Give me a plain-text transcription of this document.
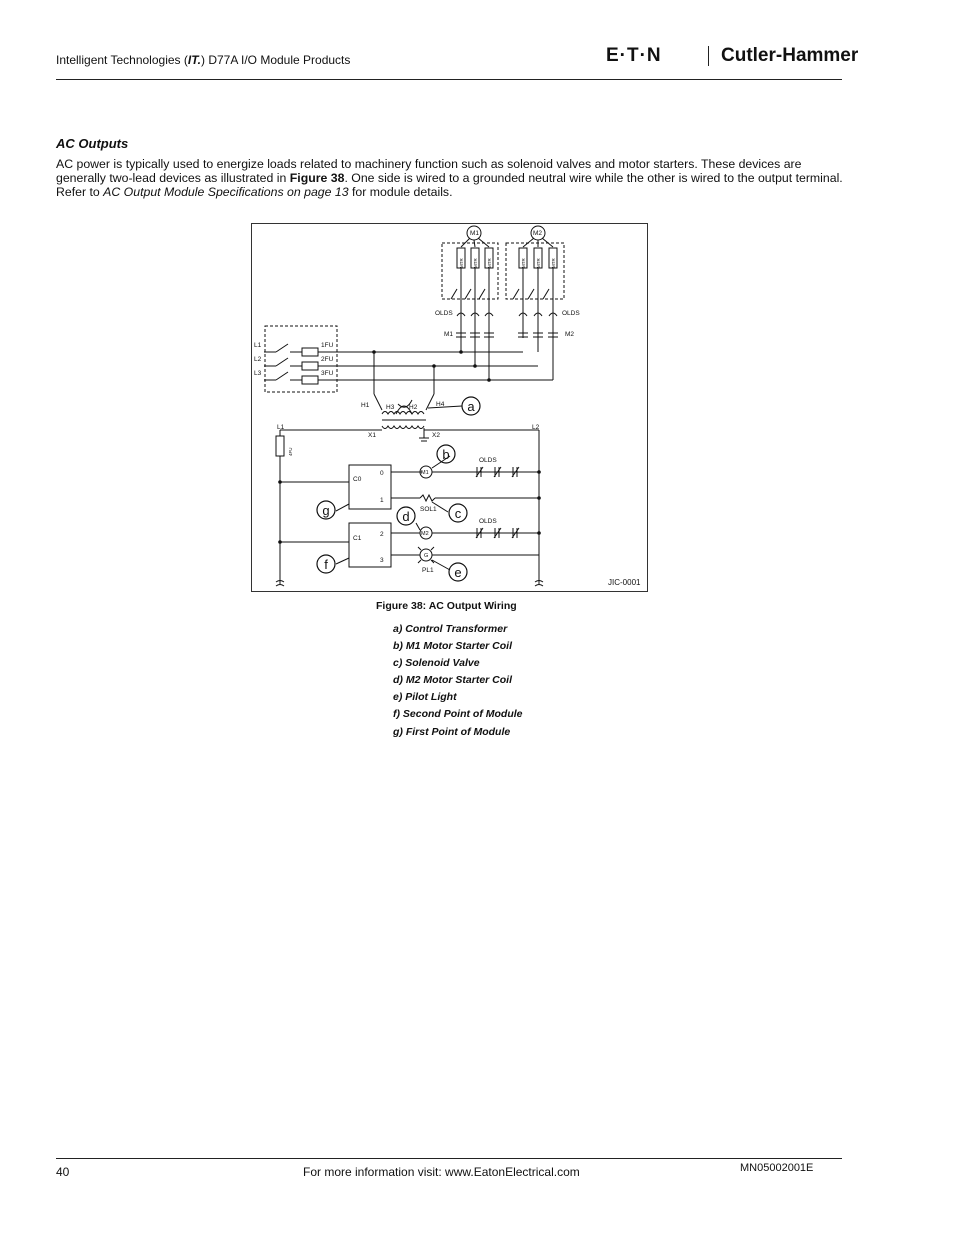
Intelligent Technologies (IT.) D77A I/O Module Products	E·T·N	Cutler-Hammer
AC Outputs
AC power is typically used to energize loads related to machinery function such as solenoid valves and motor starters. These devices are generally two-lead devices as illustrated in Figure 38. One side is wired to a grounded neutral wire while the other is wired to the output terminal. Refer to AC Output Module Specifications on page 13 for module details.
M1	M2
OLDS	OLDS
M1	M2
L1
L2
L3
1FU
2FU
3FU
H1	H3 H2	H4
X1	X2
L1	L2
C0
0
1
C1
2
3
M1
M2
OLDS
OLDS
SOL1
G
PL1
JIC-0001
MTR MTR MTR	MTR MTR MTR
4FU
a
b
c
d
e
f
g
Figure 38: AC Output Wiring
a) Control Transformer
b) M1 Motor Starter Coil
c) Solenoid Valve
d) M2 Motor Starter Coil
e) Pilot Light
f) Second Point of Module
g) First Point of Module
40	For more information visit: www.EatonElectrical.com	MN05002001E
